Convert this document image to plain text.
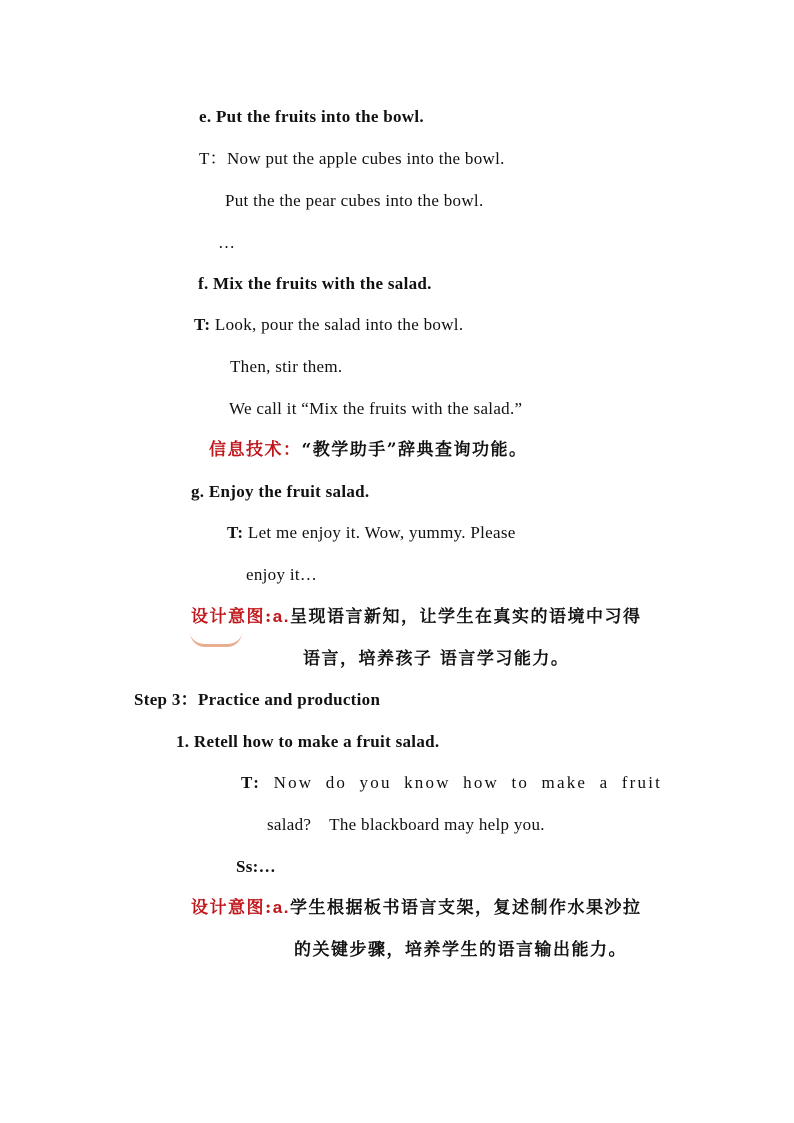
e. Put the fruits into the bowl.
T：Now put the apple cubes into the bowl.
Put the the pear cubes into the bowl.
…
f. Mix the fruits with the salad.
T: Look, pour the salad into the bowl.
Then, stir them.
We call it “Mix the fruits with the salad.”
信息技术：“教学助手”辞典查询功能。
g. Enjoy the fruit salad.
T: Let me enjoy it. Wow, yummy. Please
enjoy it…
设计意图:a.呈现语言新知，让学生在真实的语境中习得
语言，培养孩子 语言学习能力。
Step 3：Practice and production
1. Retell how to make a fruit salad.
T: Now do you know how to make a fruit
salad?    The blackboard may help you.
Ss:…
设计意图:a.学生根据板书语言支架，复述制作水果沙拉
的关键步骤，培养学生的语言输出能力。
